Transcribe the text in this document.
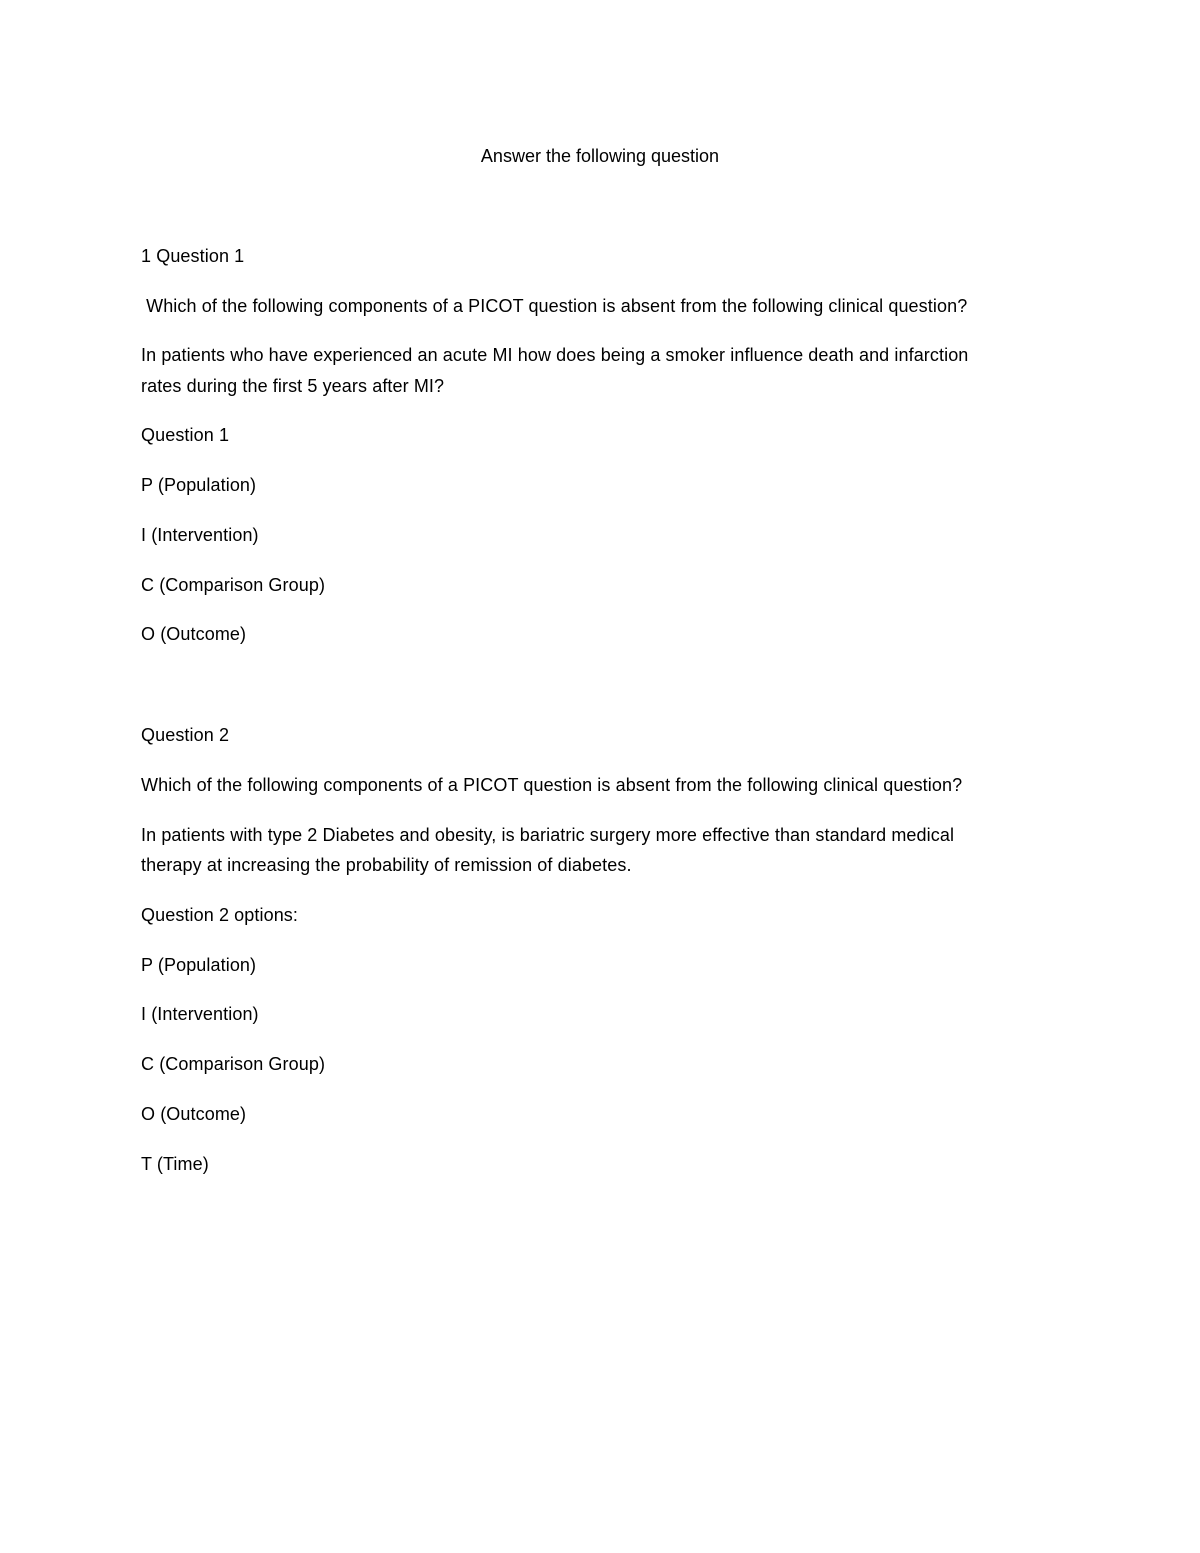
Answer the following question
1 Question 1
Which of the following components of a PICOT question is absent from the following clinical question?
In patients who have experienced an acute MI how does being a smoker influence death and infarction
rates during the first 5 years after MI?
Question 1
P (Population)
I (Intervention)
C (Comparison Group)
O (Outcome)
Question 2
Which of the following components of a PICOT question is absent from the following clinical question?
In patients with type 2 Diabetes and obesity, is bariatric surgery more effective than standard medical
therapy at increasing the probability of remission of diabetes.
Question 2 options:
P (Population)
I (Intervention)
C (Comparison Group)
O (Outcome)
T (Time)
